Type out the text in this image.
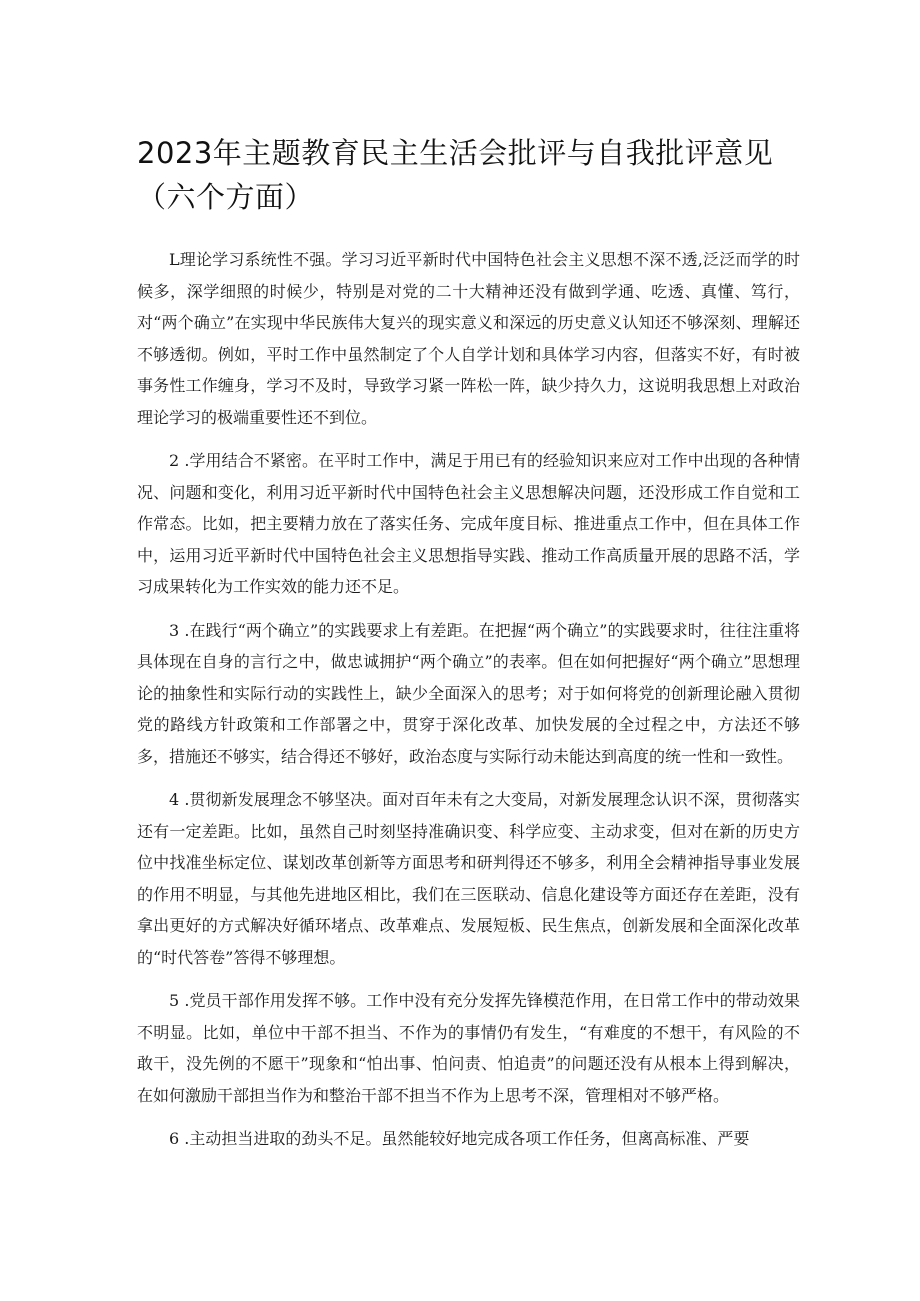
2023年主题教育民主生活会批评与自我批评意见（六个方面）

L理论学习系统性不强。学习习近平新时代中国特色社会主义思想不深不透,泛泛而学的时候多，深学细照的时候少，特别是对党的二十大精神还没有做到学通、吃透、真懂、笃行，对“两个确立”在实现中华民族伟大复兴的现实意义和深远的历史意义认知还不够深刻、理解还不够透彻。例如，平时工作中虽然制定了个人自学计划和具体学习内容，但落实不好，有时被事务性工作缠身，学习不及时，导致学习紧一阵松一阵，缺少持久力，这说明我思想上对政治理论学习的极端重要性还不到位。

2 .学用结合不紧密。在平时工作中，满足于用已有的经验知识来应对工作中出现的各种情况、问题和变化，利用习近平新时代中国特色社会主义思想解决问题，还没形成工作自觉和工作常态。比如，把主要精力放在了落实任务、完成年度目标、推进重点工作中，但在具体工作中，运用习近平新时代中国特色社会主义思想指导实践、推动工作高质量开展的思路不活，学习成果转化为工作实效的能力还不足。

3 .在践行“两个确立”的实践要求上有差距。在把握“两个确立”的实践要求时，往往注重将具体现在自身的言行之中，做忠诚拥护“两个确立”的表率。但在如何把握好“两个确立”思想理论的抽象性和实际行动的实践性上，缺少全面深入的思考；对于如何将党的创新理论融入贯彻党的路线方针政策和工作部署之中，贯穿于深化改革、加快发展的全过程之中，方法还不够多，措施还不够实，结合得还不够好，政治态度与实际行动未能达到高度的统一性和一致性。

4 .贯彻新发展理念不够坚决。面对百年未有之大变局，对新发展理念认识不深，贯彻落实还有一定差距。比如，虽然自己时刻坚持准确识变、科学应变、主动求变，但对在新的历史方位中找准坐标定位、谋划改革创新等方面思考和研判得还不够多，利用全会精神指导事业发展的作用不明显，与其他先进地区相比，我们在三医联动、信息化建设等方面还存在差距，没有拿出更好的方式解决好循环堵点、改革难点、发展短板、民生焦点，创新发展和全面深化改革的“时代答卷”答得不够理想。

5 .党员干部作用发挥不够。工作中没有充分发挥先锋模范作用，在日常工作中的带动效果不明显。比如，单位中干部不担当、不作为的事情仍有发生，“有难度的不想干，有风险的不敢干，没先例的不愿干”现象和“怕出事、怕问责、怕追责”的问题还没有从根本上得到解决，在如何激励干部担当作为和整治干部不担当不作为上思考不深，管理相对不够严格。

6 .主动担当进取的劲头不足。虽然能较好地完成各项工作任务，但离高标准、严要
